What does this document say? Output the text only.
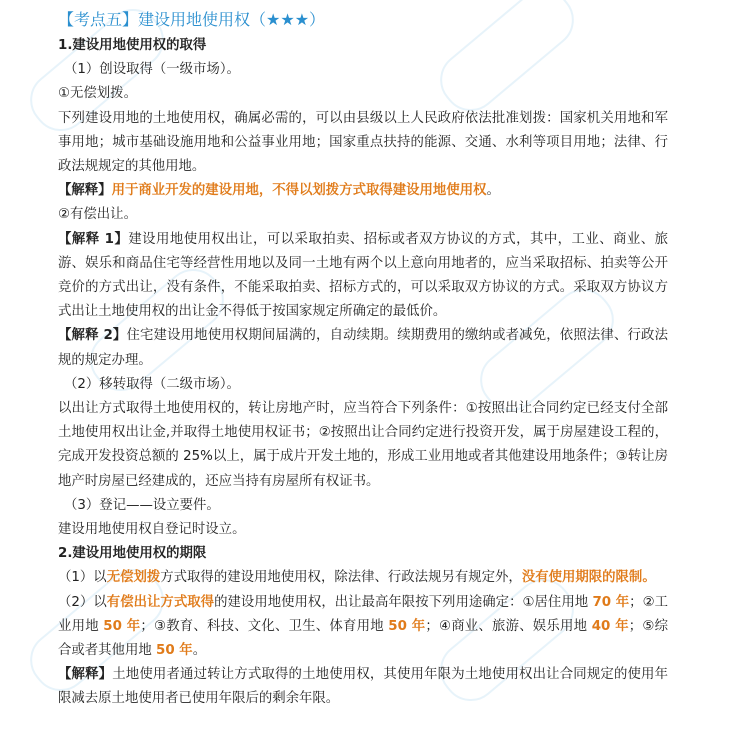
【考点五】建设用地使用权（★★★）
1.建设用地使用权的取得
（1）创设取得（一级市场）。
①无偿划拨。
下列建设用地的土地使用权，确属必需的，可以由县级以上人民政府依法批准划拨：国家机关用地和军事用地；城市基础设施用地和公益事业用地；国家重点扶持的能源、交通、水利等项目用地；法律、行政法规规定的其他用地。
【解释】用于商业开发的建设用地，不得以划拨方式取得建设用地使用权。
②有偿出让。
【解释 1】建设用地使用权出让，可以采取拍卖、招标或者双方协议的方式，其中，工业、商业、旅游、娱乐和商品住宅等经营性用地以及同一土地有两个以上意向用地者的，应当采取招标、拍卖等公开竞价的方式出让，没有条件，不能采取拍卖、招标方式的，可以采取双方协议的方式。采取双方协议方式出让土地使用权的出让金不得低于按国家规定所确定的最低价。
【解释 2】住宅建设用地使用权期间届满的，自动续期。续期费用的缴纳或者减免，依照法律、行政法规的规定办理。
（2）移转取得（二级市场）。
以出让方式取得土地使用权的，转让房地产时，应当符合下列条件：①按照出让合同约定已经支付全部土地使用权出让金,并取得土地使用权证书；②按照出让合同约定进行投资开发，属于房屋建设工程的，完成开发投资总额的 25%以上，属于成片开发土地的，形成工业用地或者其他建设用地条件；③转让房地产时房屋已经建成的，还应当持有房屋所有权证书。
（3）登记——设立要件。
建设用地使用权自登记时设立。
2.建设用地使用权的期限
（1）以无偿划拨方式取得的建设用地使用权，除法律、行政法规另有规定外，没有使用期限的限制。
（2）以有偿出让方式取得的建设用地使用权，出让最高年限按下列用途确定：①居住用地 70 年；②工业用地 50 年；③教育、科技、文化、卫生、体育用地 50 年；④商业、旅游、娱乐用地 40 年；⑤综合或者其他用地 50 年。
【解释】土地使用者通过转让方式取得的土地使用权，其使用年限为土地使用权出让合同规定的使用年限减去原土地使用者已使用年限后的剩余年限。
